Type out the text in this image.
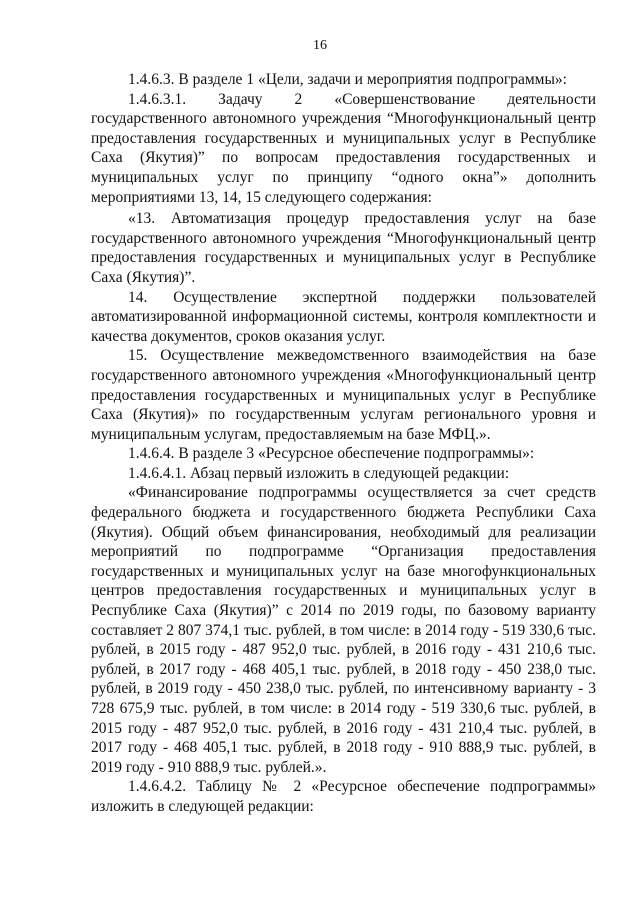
16

1.4.6.3. В разделе 1 «Цели, задачи и мероприятия подпрограммы»:

1.4.6.3.1. Задачу 2 «Совершенствование деятельности государственного автономного учреждения “Многофункциональный центр предоставления государственных и муниципальных услуг в Республике Саха (Якутия)” по вопросам предоставления государственных и муниципальных услуг по принципу “одного окна”» дополнить мероприятиями 13, 14, 15 следующего содержания:

«13. Автоматизация процедур предоставления услуг на базе государственного автономного учреждения “Многофункциональный центр предоставления государственных и муниципальных услуг в Республике Саха (Якутия)”.

14. Осуществление экспертной поддержки пользователей автоматизированной информационной системы, контроля комплектности и качества документов, сроков оказания услуг.

15. Осуществление межведомственного взаимодействия на базе государственного автономного учреждения «Многофункциональный центр предоставления государственных и муниципальных услуг в Республике Саха (Якутия)» по государственным услугам регионального уровня и муниципальным услугам, предоставляемым на базе МФЦ.».

1.4.6.4. В разделе 3 «Ресурсное обеспечение подпрограммы»:

1.4.6.4.1. Абзац первый изложить в следующей редакции:

«Финансирование подпрограммы осуществляется за счет средств федерального бюджета и государственного бюджета Республики Саха (Якутия). Общий объем финансирования, необходимый для реализации мероприятий по подпрограмме “Организация предоставления государственных и муниципальных услуг на базе многофункциональных центров предоставления государственных и муниципальных услуг в Республике Саха (Якутия)” с 2014 по 2019 годы, по базовому варианту составляет 2 807 374,1 тыс. рублей, в том числе: в 2014 году - 519 330,6 тыс. рублей, в 2015 году - 487 952,0 тыс. рублей, в 2016 году - 431 210,6 тыс. рублей, в 2017 году - 468 405,1 тыс. рублей, в 2018 году - 450 238,0 тыс. рублей, в 2019 году - 450 238,0 тыс. рублей, по интенсивному варианту - 3 728 675,9 тыс. рублей, в том числе: в 2014 году - 519 330,6 тыс. рублей, в 2015 году - 487 952,0 тыс. рублей, в 2016 году - 431 210,4 тыс. рублей, в 2017 году - 468 405,1 тыс. рублей, в 2018 году - 910 888,9 тыс. рублей, в 2019 году - 910 888,9 тыс. рублей.».

1.4.6.4.2. Таблицу № 2 «Ресурсное обеспечение подпрограммы» изложить в следующей редакции:
